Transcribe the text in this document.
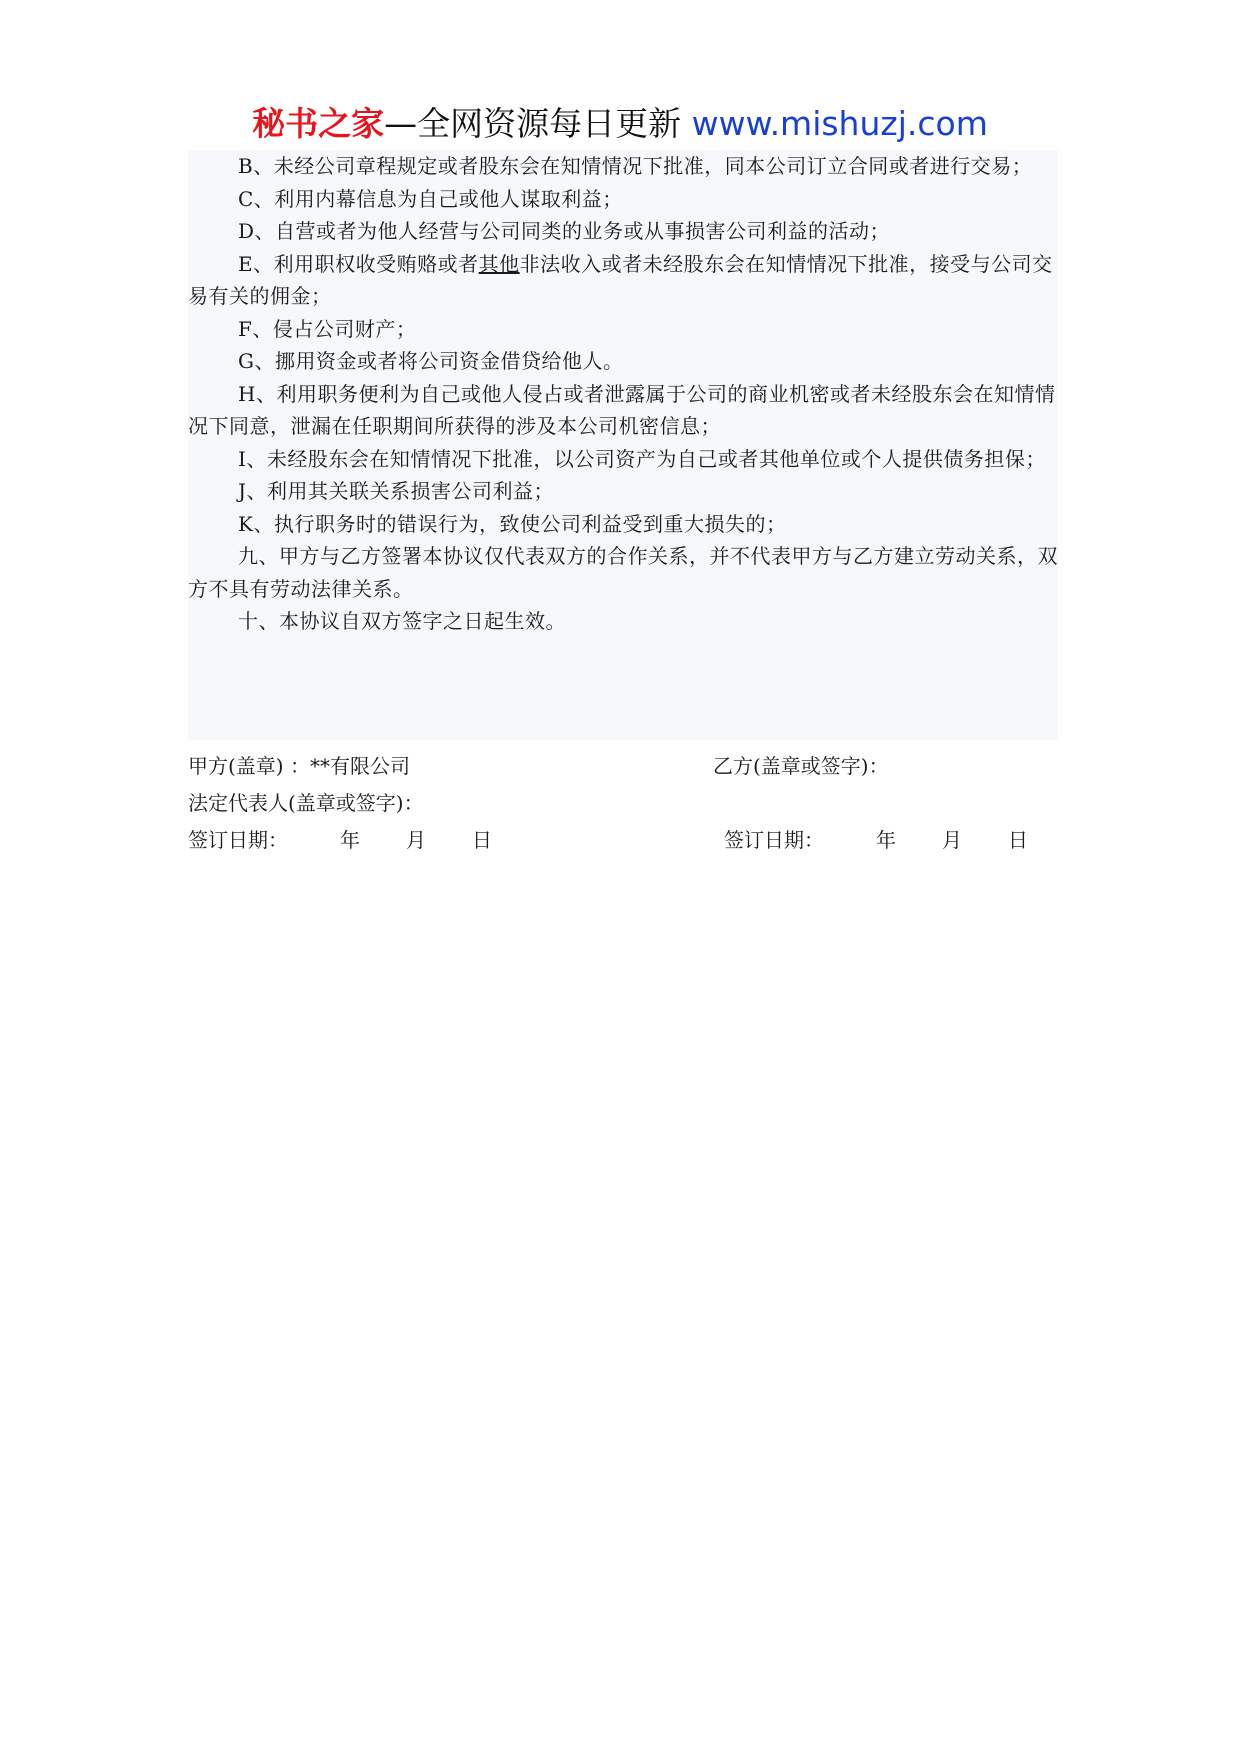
秘书之家—全网资源每日更新 www.mishuzj.com

B、未经公司章程规定或者股东会在知情情况下批准，同本公司订立合同或者进行交易；

C、利用内幕信息为自己或他人谋取利益；

D、自营或者为他人经营与公司同类的业务或从事损害公司利益的活动；

E、利用职权收受贿赂或者其他非法收入或者未经股东会在知情情况下批准，接受与公司交易有关的佣金；

F、侵占公司财产；

G、挪用资金或者将公司资金借贷给他人。

H、利用职务便利为自己或他人侵占或者泄露属于公司的商业机密或者未经股东会在知情情况下同意，泄漏在任职期间所获得的涉及本公司机密信息；

I、未经股东会在知情情况下批准，以公司资产为自己或者其他单位或个人提供债务担保；

J、利用其关联关系损害公司利益；

K、执行职务时的错误行为，致使公司利益受到重大损失的；

九、甲方与乙方签署本协议仅代表双方的合作关系，并不代表甲方与乙方建立劳动关系，双方不具有劳动法律关系。

十、本协议自双方签字之日起生效。

甲方(盖章) ：**有限公司	乙方(盖章或签字)：
法定代表人(盖章或签字)：
签订日期：	年 月 日	签订日期：	年 月 日
